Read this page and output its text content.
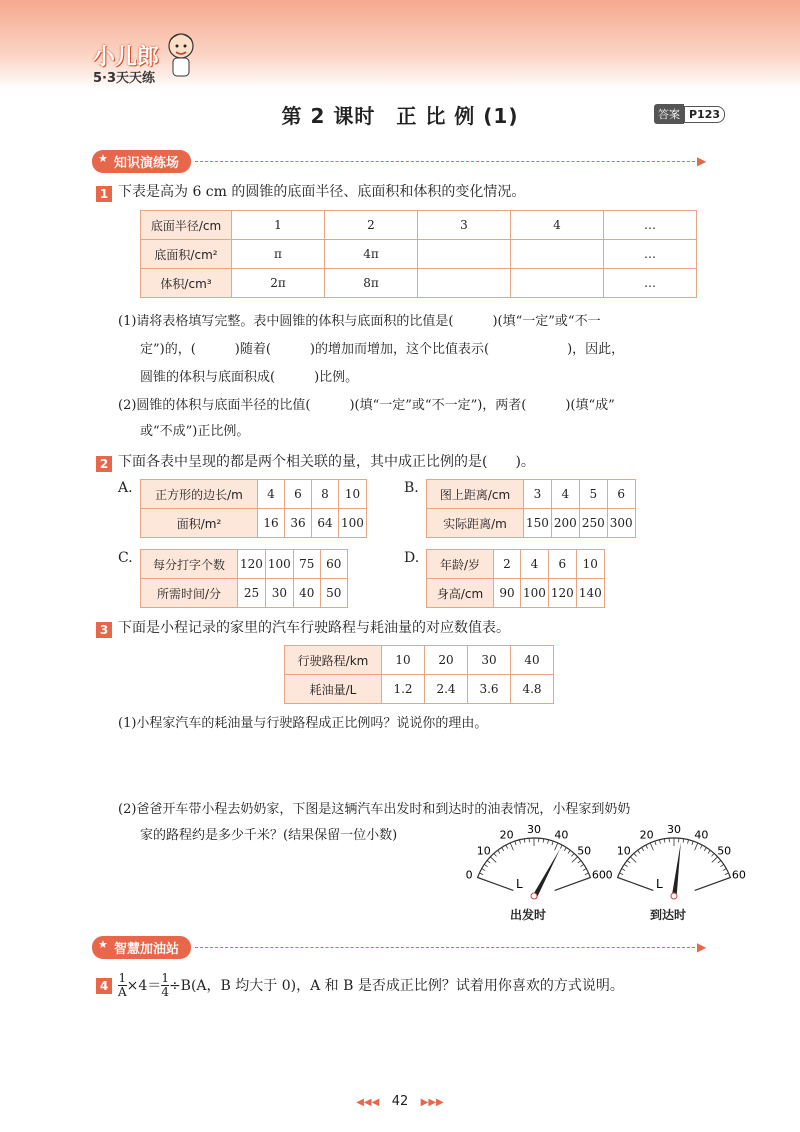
小儿郎
5·3天天练
第 2 课时　正 比 例 (1)	答案 P123
★ 知识演练场	▶
1 下表是高为 6 cm 的圆锥的底面半径、底面积和体积的变化情况。
底面半径/cm	1	2	3	4	…
底面积/cm²	π	4π			…
体积/cm³	2π	8π			…
(1)请将表格填写完整。表中圆锥的体积与底面积的比值是(　　　)(填“一定”或“不一
定”)的，(　　　)随着(　　　)的增加而增加，这个比值表示(　　　　　　)，因此，
圆锥的体积与底面积成(　　　)比例。
(2)圆锥的体积与底面半径的比值(　　　)(填“一定”或“不一定”)，两者(　　　)(填“成”
或“不成”)正比例。
2 下面各表中呈现的都是两个相关联的量，其中成正比例的是(　　)。
A. 正方形的边长/m	4	6	8	10
面积/m²	16	36	64	100
B. 图上距离/cm	3	4	5	6
实际距离/m	150	200	250	300
C. 每分打字个数	120	100	75	60
所需时间/分	25	30	40	50
D. 年龄/岁	2	4	6	10
身高/cm	90	100	120	140
3 下面是小程记录的家里的汽车行驶路程与耗油量的对应数值表。
行驶路程/km	10	20	30	40
耗油量/L	1.2	2.4	3.6	4.8
(1)小程家汽车的耗油量与行驶路程成正比例吗？说说你的理由。
(2)爸爸开车带小程去奶奶家，下图是这辆汽车出发时和到达时的油表情况，小程家到奶奶
家的路程约是多少千米？(结果保留一位小数)
0
10
20 30 40
50
60
L
出发时
0
10
20 30 40
50
60
L
到达时
★ 智慧加油站	▶
$4 \frac{1}{A} \times 4= \frac{1}{4} \div B(A$，B 均大于 0)，A 和 B 是否成正比例？试着用你喜欢的方式说明。
◀◀◀ 42 ▶▶▶
